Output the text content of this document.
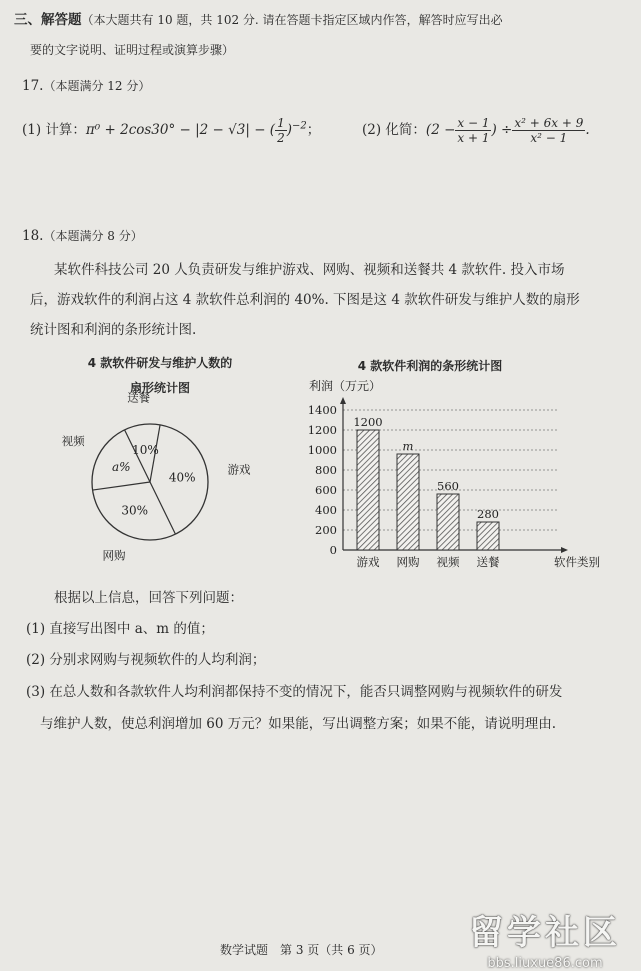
三、解答题（本大题共有 10 题，共 102 分. 请在答题卡指定区域内作答，解答时应写出必
要的文字说明、证明过程或演算步骤）
17.（本题满分 12 分）
(1) 计算：π⁰ + 2cos30° − |2 − √3| − ( $\frac{1}{2} )^{-2}$；	(2) 化简：($2 - \frac{x - 1}{x + 1}$ ) ÷ $\frac{\text{x² + 6x + 9}}{\text{x² − 1}}$ .
18.（本题满分 8 分）
某软件科技公司 20 人负责研发与维护游戏、网购、视频和送餐共 4 款软件. 投入市场
后，游戏软件的利润占这 4 款软件总利润的 40%. 下图是这 4 款软件研发与维护人数的扇形
统计图和利润的条形统计图.
4 款软件研发与维护人数的
扇形统计图
40%
游戏
30%
网购
a%
视频
10%
送餐
4 款软件利润的条形统计图
利润（万元）
0
200
400
600
800
1000
1200
1400
1200
游戏
m
网购
560
视频
280
送餐	软件类别
根据以上信息，回答下列问题：
(1) 直接写出图中 a、m 的值；
(2) 分别求网购与视频软件的人均利润；
(3) 在总人数和各款软件人均利润都保持不变的情况下，能否只调整网购与视频软件的研发
与维护人数，使总利润增加 60 万元？如果能，写出调整方案；如果不能，请说明理由.
数学试题　第 3 页（共 6 页）	留学社区
bbs.liuxue86.com
